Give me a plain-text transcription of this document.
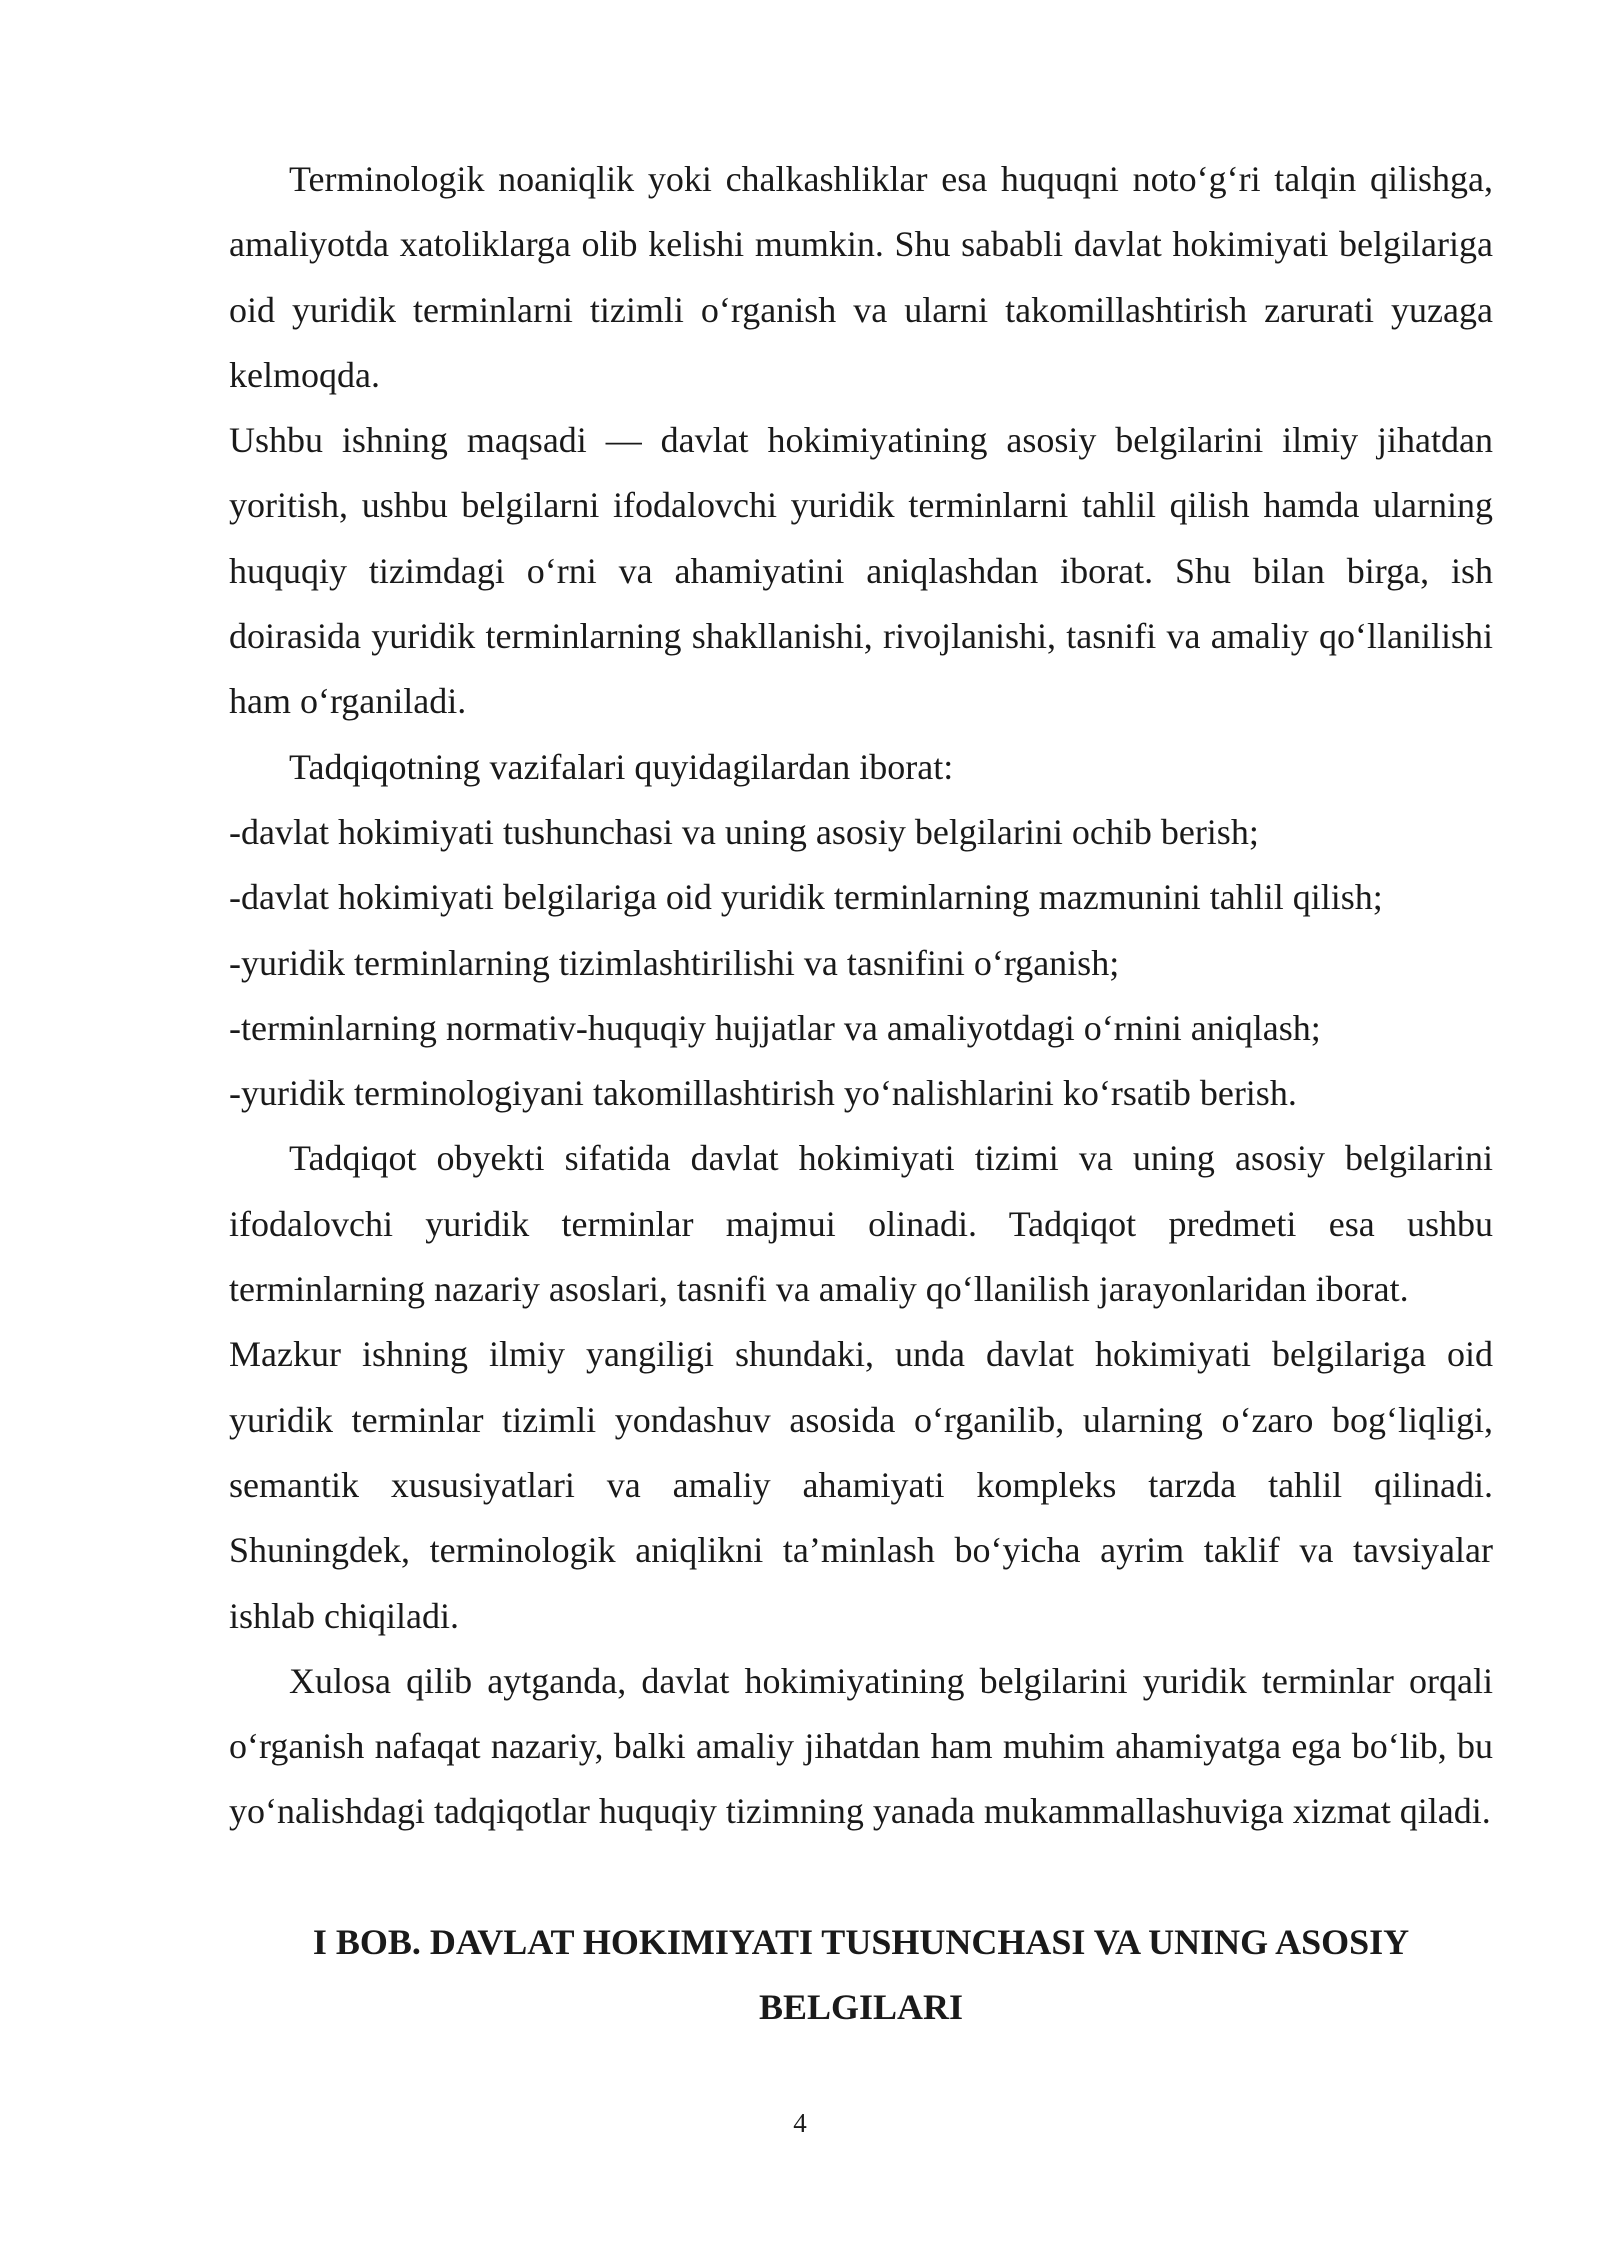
Terminologik noaniqlik yoki chalkashliklar esa huquqni noto‘g‘ri talqin qilishga, amaliyotda xatoliklarga olib kelishi mumkin. Shu sababli davlat hokimiyati belgilariga oid yuridik terminlarni tizimli o‘rganish va ularni takomillashtirish zarurati yuzaga kelmoqda.

Ushbu ishning maqsadi — davlat hokimiyatining asosiy belgilarini ilmiy jihatdan yoritish, ushbu belgilarni ifodalovchi yuridik terminlarni tahlil qilish hamda ularning huquqiy tizimdagi o‘rni va ahamiyatini aniqlashdan iborat. Shu bilan birga, ish doirasida yuridik terminlarning shakllanishi, rivojlanishi, tasnifi va amaliy qo‘llanilishi ham o‘rganiladi.

Tadqiqotning vazifalari quyidagilardan iborat:

-davlat hokimiyati tushunchasi va uning asosiy belgilarini ochib berish;

-davlat hokimiyati belgilariga oid yuridik terminlarning mazmunini tahlil qilish;

-yuridik terminlarning tizimlashtirilishi va tasnifini o‘rganish;

-terminlarning normativ-huquqiy hujjatlar va amaliyotdagi o‘rnini aniqlash;

-yuridik terminologiyani takomillashtirish yo‘nalishlarini ko‘rsatib berish.

Tadqiqot obyekti sifatida davlat hokimiyati tizimi va uning asosiy belgilarini ifodalovchi yuridik terminlar majmui olinadi. Tadqiqot predmeti esa ushbu terminlarning nazariy asoslari, tasnifi va amaliy qo‘llanilish jarayonlaridan iborat.

Mazkur ishning ilmiy yangiligi shundaki, unda davlat hokimiyati belgilariga oid yuridik terminlar tizimli yondashuv asosida o‘rganilib, ularning o‘zaro bog‘liqligi, semantik xususiyatlari va amaliy ahamiyati kompleks tarzda tahlil qilinadi. Shuningdek, terminologik aniqlikni ta’minlash bo‘yicha ayrim taklif va tavsiyalar ishlab chiqiladi.

Xulosa qilib aytganda, davlat hokimiyatining belgilarini yuridik terminlar orqali o‘rganish nafaqat nazariy, balki amaliy jihatdan ham muhim ahamiyatga ega bo‘lib, bu yo‘nalishdagi tadqiqotlar huquqiy tizimning yanada mukammallashuviga xizmat qiladi.

I BOB. DAVLAT HOKIMIYATI TUSHUNCHASI VA UNING ASOSIY
BELGILARI
4
